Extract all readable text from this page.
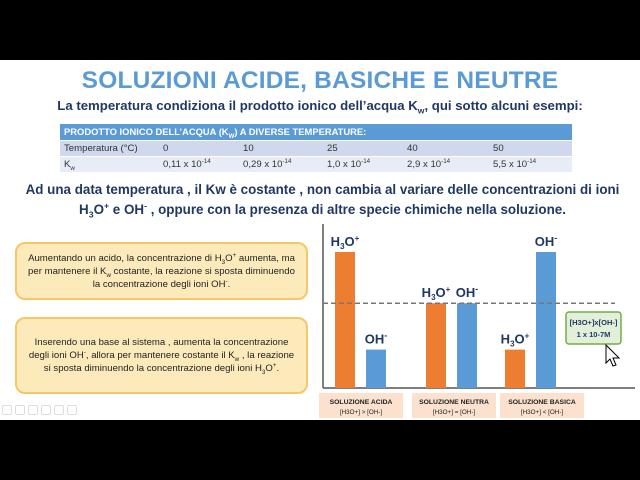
SOLUZIONI ACIDE, BASICHE E NEUTRE
La temperatura condiziona il prodotto ionico dell’acqua $K_w$, qui sotto alcuni esempi:
PRODOTTO IONICO DELL’ACQUA $(K_W)$ A DIVERSE TEMPERATURE:					
Temperatura (°C)	0	10	25	40	50
$K_w$	0,11 x $10^{-14}$	0,29 x $10^{-14}$	1,0 x $10^{-14}$	2,9 x $10^{-14}$	5,5 x $10^{-14}$
Ad una data temperatura , il Kw è costante , non cambia al variare delle concentrazioni di ioni $H_3O^+$ e OH- , oppure con la presenza di altre specie chimiche nella soluzione.
Aumentando un acido, la concentrazione di $H_3O^+$ aumenta, ma per mantenere il $K_w$ costante, la reazione si sposta diminuendo la concentrazione degli ioni OH-.
Inserendo una base al sistema , aumenta la concentrazione degli ioni OH-, allora per mantenere costante il $K_w$ , la reazione si sposta diminuendo la concentrazione degli ioni $H_3O^+$.
$H_3O^+$
$H_3O^+$
$H_3O^+$
OH-
OH-
OH-
[H3O+]x[OH-]
1 x 10-7M
SOLUZIONE ACIDA
[H3O+] > [OH-]
SOLUZIONE NEUTRA
[H3O+] = [OH-]
SOLUZIONE BASICA
[H3O+] < [OH-]
